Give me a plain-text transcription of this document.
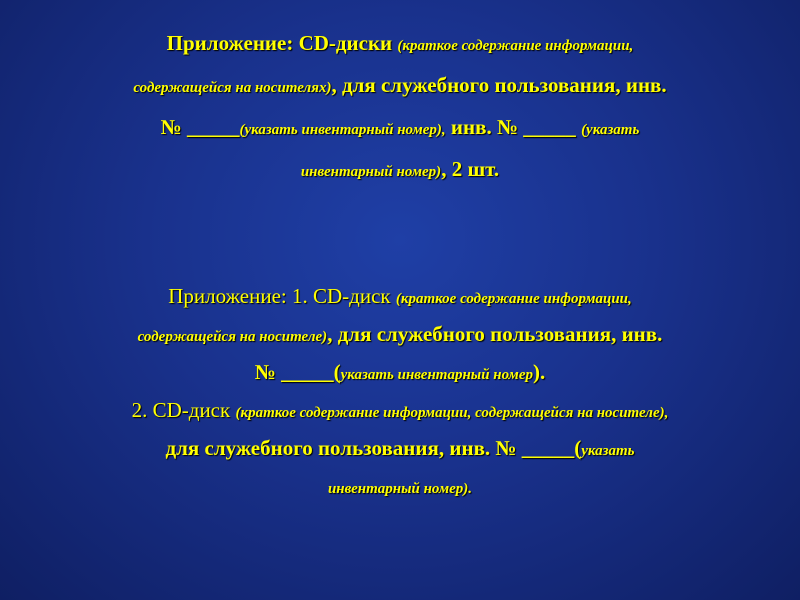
Приложение: CD-диски (краткое содержание информации,
содержащейся на носителях), для служебного пользования, инв.
№ _____(указать инвентарный номер), инв. № _____ (указать
инвентарный номер), 2 шт.
Приложение: 1. CD-диск (краткое содержание информации,
содержащейся на носителе), для служебного пользования, инв.
№ _____(указать инвентарный номер).
2. CD-диск (краткое содержание информации, содержащейся на носителе),
для служебного пользования, инв. № _____(указать
инвентарный номер).
